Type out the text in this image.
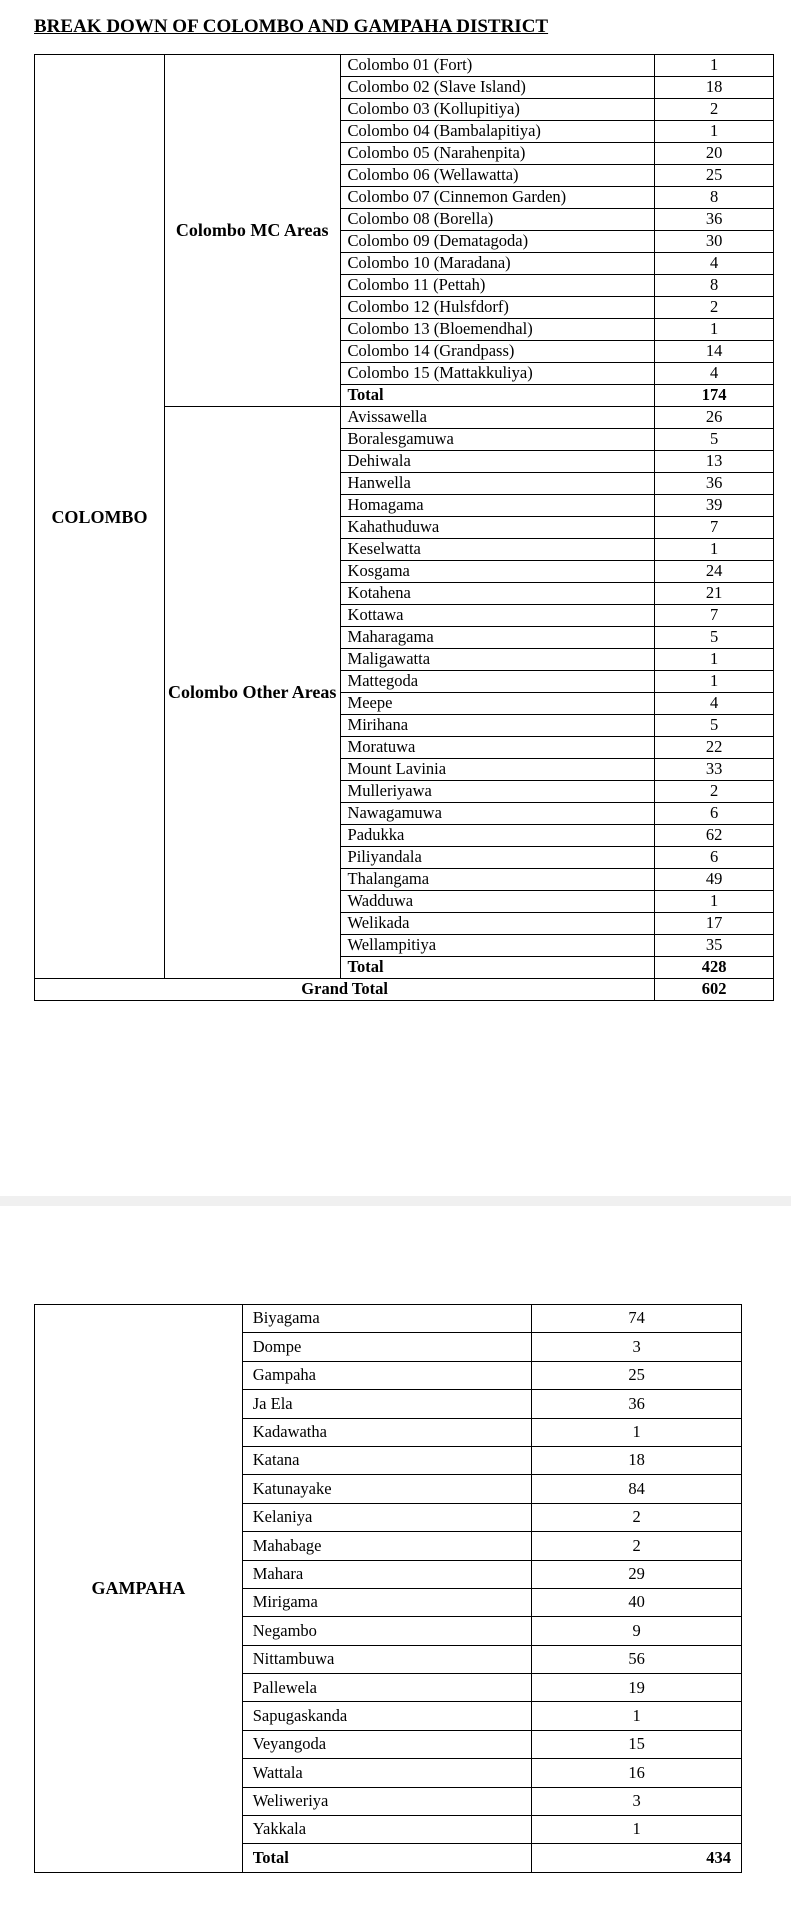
BREAK DOWN OF COLOMBO AND GAMPAHA DISTRICT
COLOMBO	Colombo MC Areas	Colombo 01 (Fort)	1
		Colombo 02 (Slave Island)	18
		Colombo 03 (Kollupitiya)	2
		Colombo 04 (Bambalapitiya)	1
		Colombo 05 (Narahenpita)	20
		Colombo 06 (Wellawatta)	25
		Colombo 07 (Cinnemon Garden)	8
		Colombo 08 (Borella)	36
		Colombo 09 (Dematagoda)	30
		Colombo 10 (Maradana)	4
		Colombo 11 (Pettah)	8
		Colombo 12 (Hulsfdorf)	2
		Colombo 13 (Bloemendhal)	1
		Colombo 14 (Grandpass)	14
		Colombo 15 (Mattakkuliya)	4
		Total	174
	Colombo Other Areas	Avissawella	26
		Boralesgamuwa	5
		Dehiwala	13
		Hanwella	36
		Homagama	39
		Kahathuduwa	7
		Keselwatta	1
		Kosgama	24
		Kotahena	21
		Kottawa	7
		Maharagama	5
		Maligawatta	1
		Mattegoda	1
		Meepe	4
		Mirihana	5
		Moratuwa	22
		Mount Lavinia	33
		Mulleriyawa	2
		Nawagamuwa	6
		Padukka	62
		Piliyandala	6
		Thalangama	49
		Wadduwa	1
		Welikada	17
		Wellampitiya	35
		Total	428
Grand Total			602
GAMPAHA	Biyagama	74
	Dompe	3
	Gampaha	25
	Ja Ela	36
	Kadawatha	1
	Katana	18
	Katunayake	84
	Kelaniya	2
	Mahabage	2
	Mahara	29
	Mirigama	40
	Negambo	9
	Nittambuwa	56
	Pallewela	19
	Sapugaskanda	1
	Veyangoda	15
	Wattala	16
	Weliweriya	3
	Yakkala	1
	Total	434
